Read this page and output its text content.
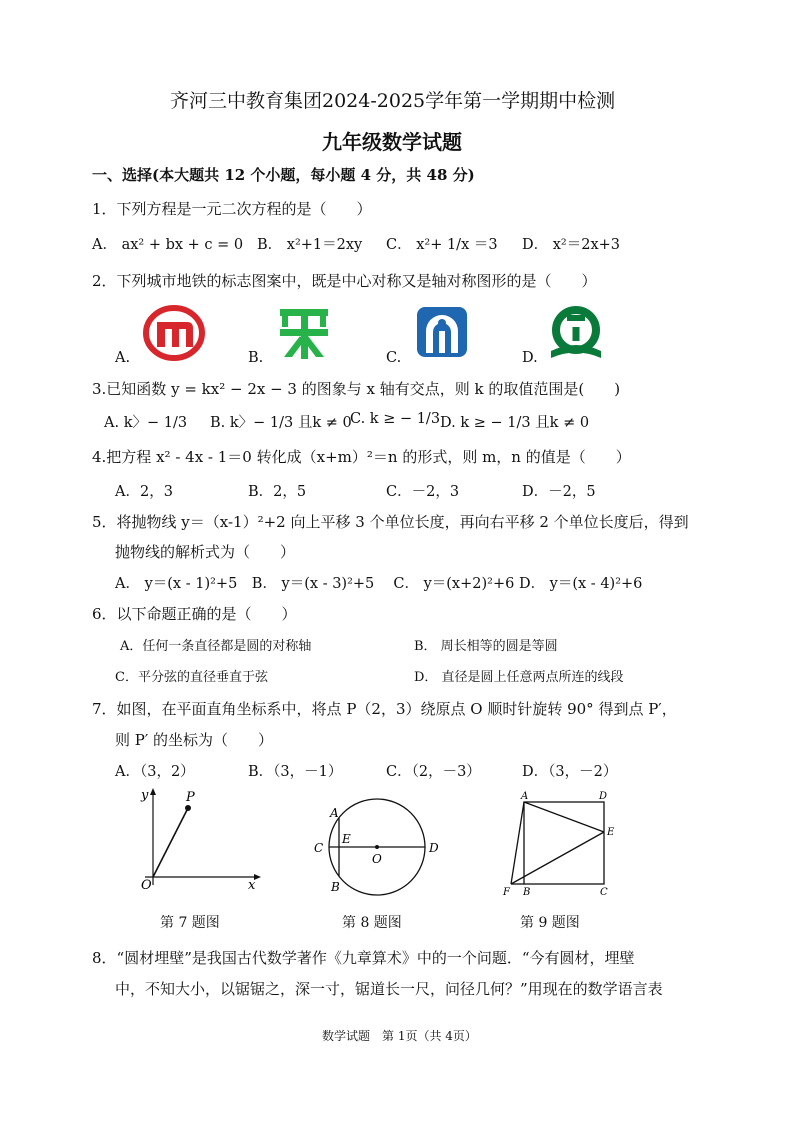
齐河三中教育集团2024-2025学年第一学期期中检测
九年级数学试题
一、选择(本大题共 12 个小题，每小题 4 分，共 48 分)
1．下列方程是一元二次方程的是（　　）
A． ax² + bx + c = 0 B． x²+1＝2xy C． x²+ 1/x ＝3 D． x²＝2x+3
2．下列城市地铁的标志图案中，既是中心对称又是轴对称图形的是（　　）
A.	B.	C.	D.
3.已知函数 y = kx² − 2x − 3 的图象与 x 轴有交点，则 k 的取值范围是(　　)
A. k〉− 1/3 B. k〉− 1/3 且k ≠ 0
C. k ≥ − 1/3 D. k ≥ − 1/3 且k ≠ 0
4.把方程 x² - 4x - 1＝0 转化成（x+m）²＝n 的形式，则 m，n 的值是（　　）
A．2，3	B．2，5	C．－2，3	D．－2，5
5．将抛物线 y＝（x-1）²+2 向上平移 3 个单位长度，再向右平移 2 个单位长度后，得到
抛物线的解析式为（　　）
A． y＝(x - 1)²+5　B． y＝(x - 3)²+5　 C． y＝(x+2)²+6 D． y＝(x - 4)²+6
6．以下命题正确的是（　　）
A．任何一条直径都是圆的对称轴	B． 周长相等的圆是等圆
C．平分弦的直径垂直于弦	D． 直径是圆上任意两点所连的线段
7．如图，在平面直角坐标系中，将点 P（2，3）绕原点 O 顺时针旋转 90° 得到点 P′，
则 P′ 的坐标为（　　）
A．（3，2）	B．（3，－1）	C．（2，－3）	D．（3，－2）
y
x
O
P
第 7 题图
A
B
C	D
E
O
第 8 题图
A	D
E
F B	C
第 9 题图
8．“圆材埋壁”是我国古代数学著作《九章算术》中的一个问题．“今有圆材，埋壁
中，不知大小，以锯锯之，深一寸，锯道长一尺，问径几何？”用现在的数学语言表
数学试题　第 1页（共 4页）
